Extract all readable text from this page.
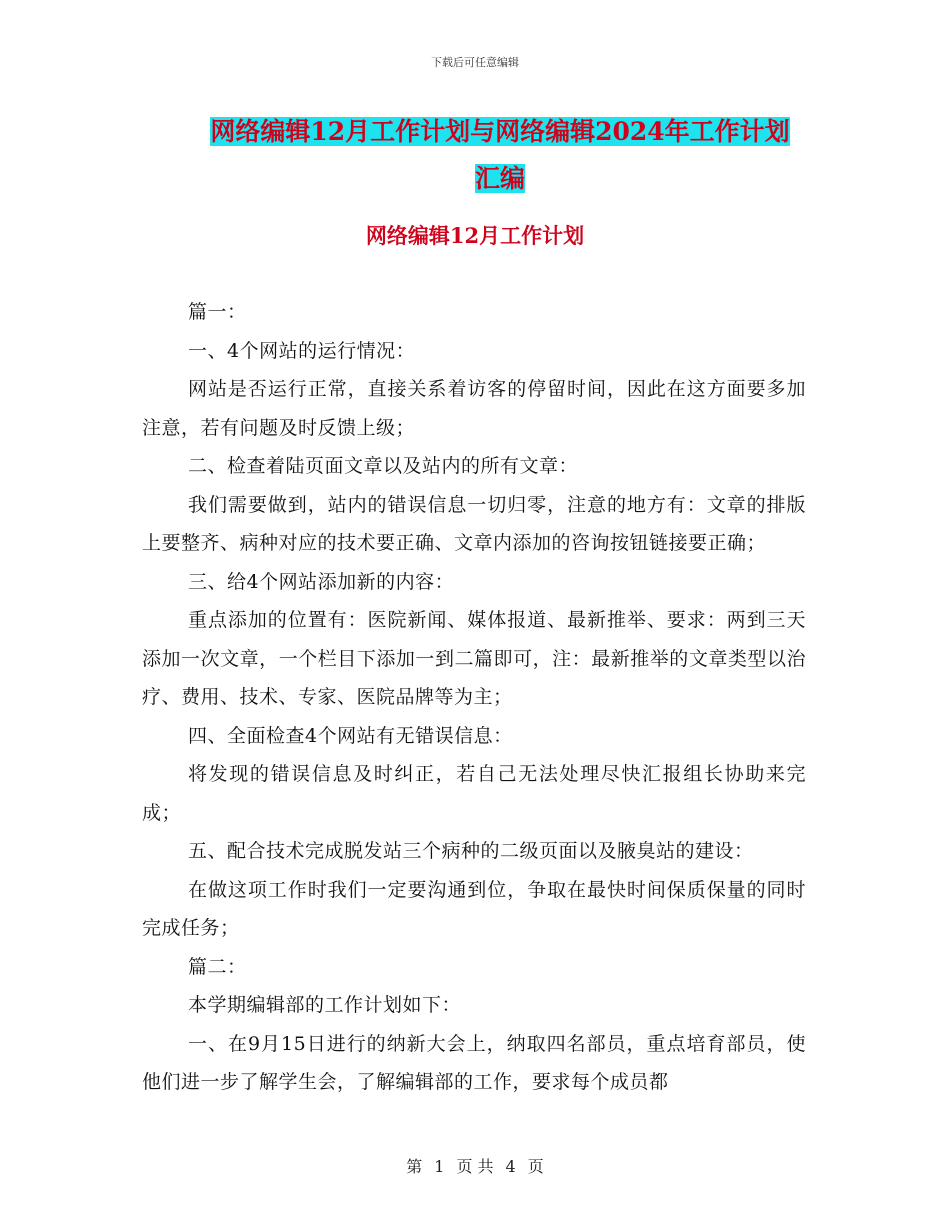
下载后可任意编辑
网络编辑12月工作计划与网络编辑2024年工作计划
汇编
网络编辑12月工作计划

篇一：

一、4个网站的运行情况：

网站是否运行正常，直接关系着访客的停留时间，因此在这方面要多加注意，若有问题及时反馈上级；

二、检查着陆页面文章以及站内的所有文章：

我们需要做到，站内的错误信息一切归零，注意的地方有：文章的排版上要整齐、病种对应的技术要正确、文章内添加的咨询按钮链接要正确；

三、给4个网站添加新的内容：

重点添加的位置有：医院新闻、媒体报道、最新推举、要求：两到三天添加一次文章，一个栏目下添加一到二篇即可，注：最新推举的文章类型以治疗、费用、技术、专家、医院品牌等为主；

四、全面检查4个网站有无错误信息：

将发现的错误信息及时纠正，若自己无法处理尽快汇报组长协助来完成；

五、配合技术完成脱发站三个病种的二级页面以及腋臭站的建设：

在做这项工作时我们一定要沟通到位，争取在最快时间保质保量的同时完成任务；

篇二：

本学期编辑部的工作计划如下：

一、在9月15日进行的纳新大会上，纳取四名部员，重点培育部员，使他们进一步了解学生会，了解编辑部的工作，要求每个成员都

第 1 页 共 4 页
